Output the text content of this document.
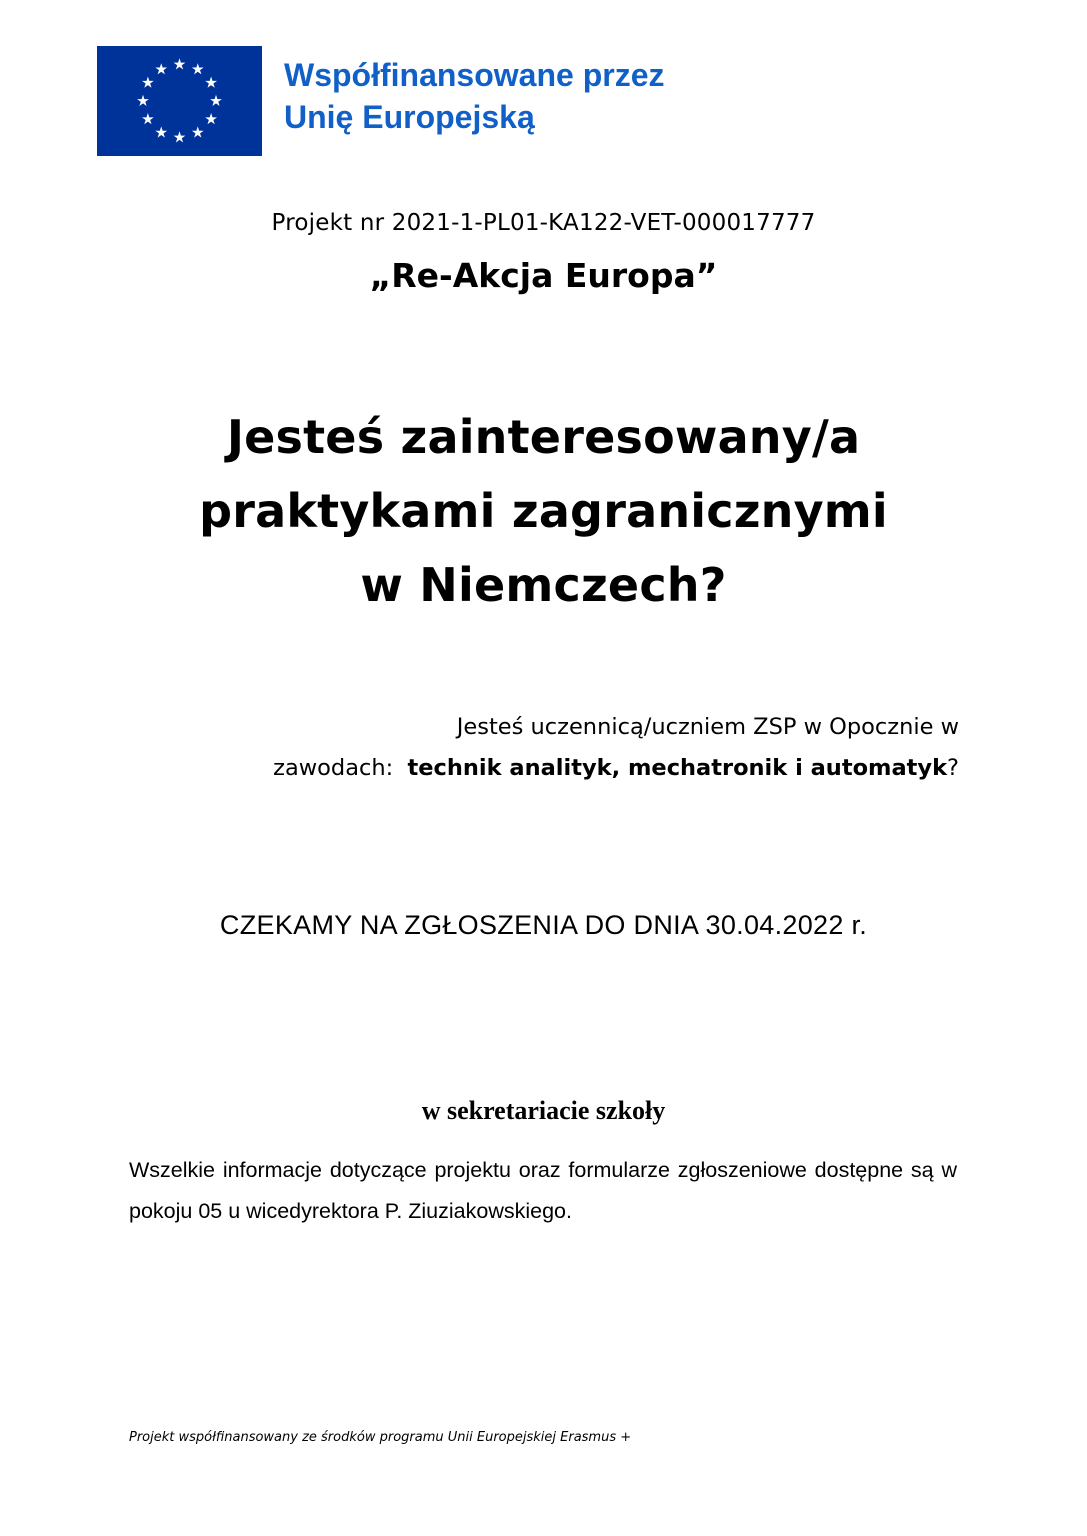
Współfinansowane przez
Unię Europejską
Projekt nr 2021-1-PL01-KA122-VET-000017777
„Re-Akcja Europa”
Jesteś zainteresowany/a
praktykami zagranicznymi
w Niemczech?
Jesteś uczennicą/uczniem ZSP w Opocznie w
zawodach:  technik analityk, mechatronik i automatyk?
CZEKAMY NA ZGŁOSZENIA DO DNIA 30.04.2022 r.
w sekretariacie szkoły
Wszelkie informacje dotyczące projektu oraz formularze zgłoszeniowe dostępne są w pokoju 05 u wicedyrektora P. Ziuziakowskiego.
Projekt współfinansowany ze środków programu Unii Europejskiej Erasmus +
